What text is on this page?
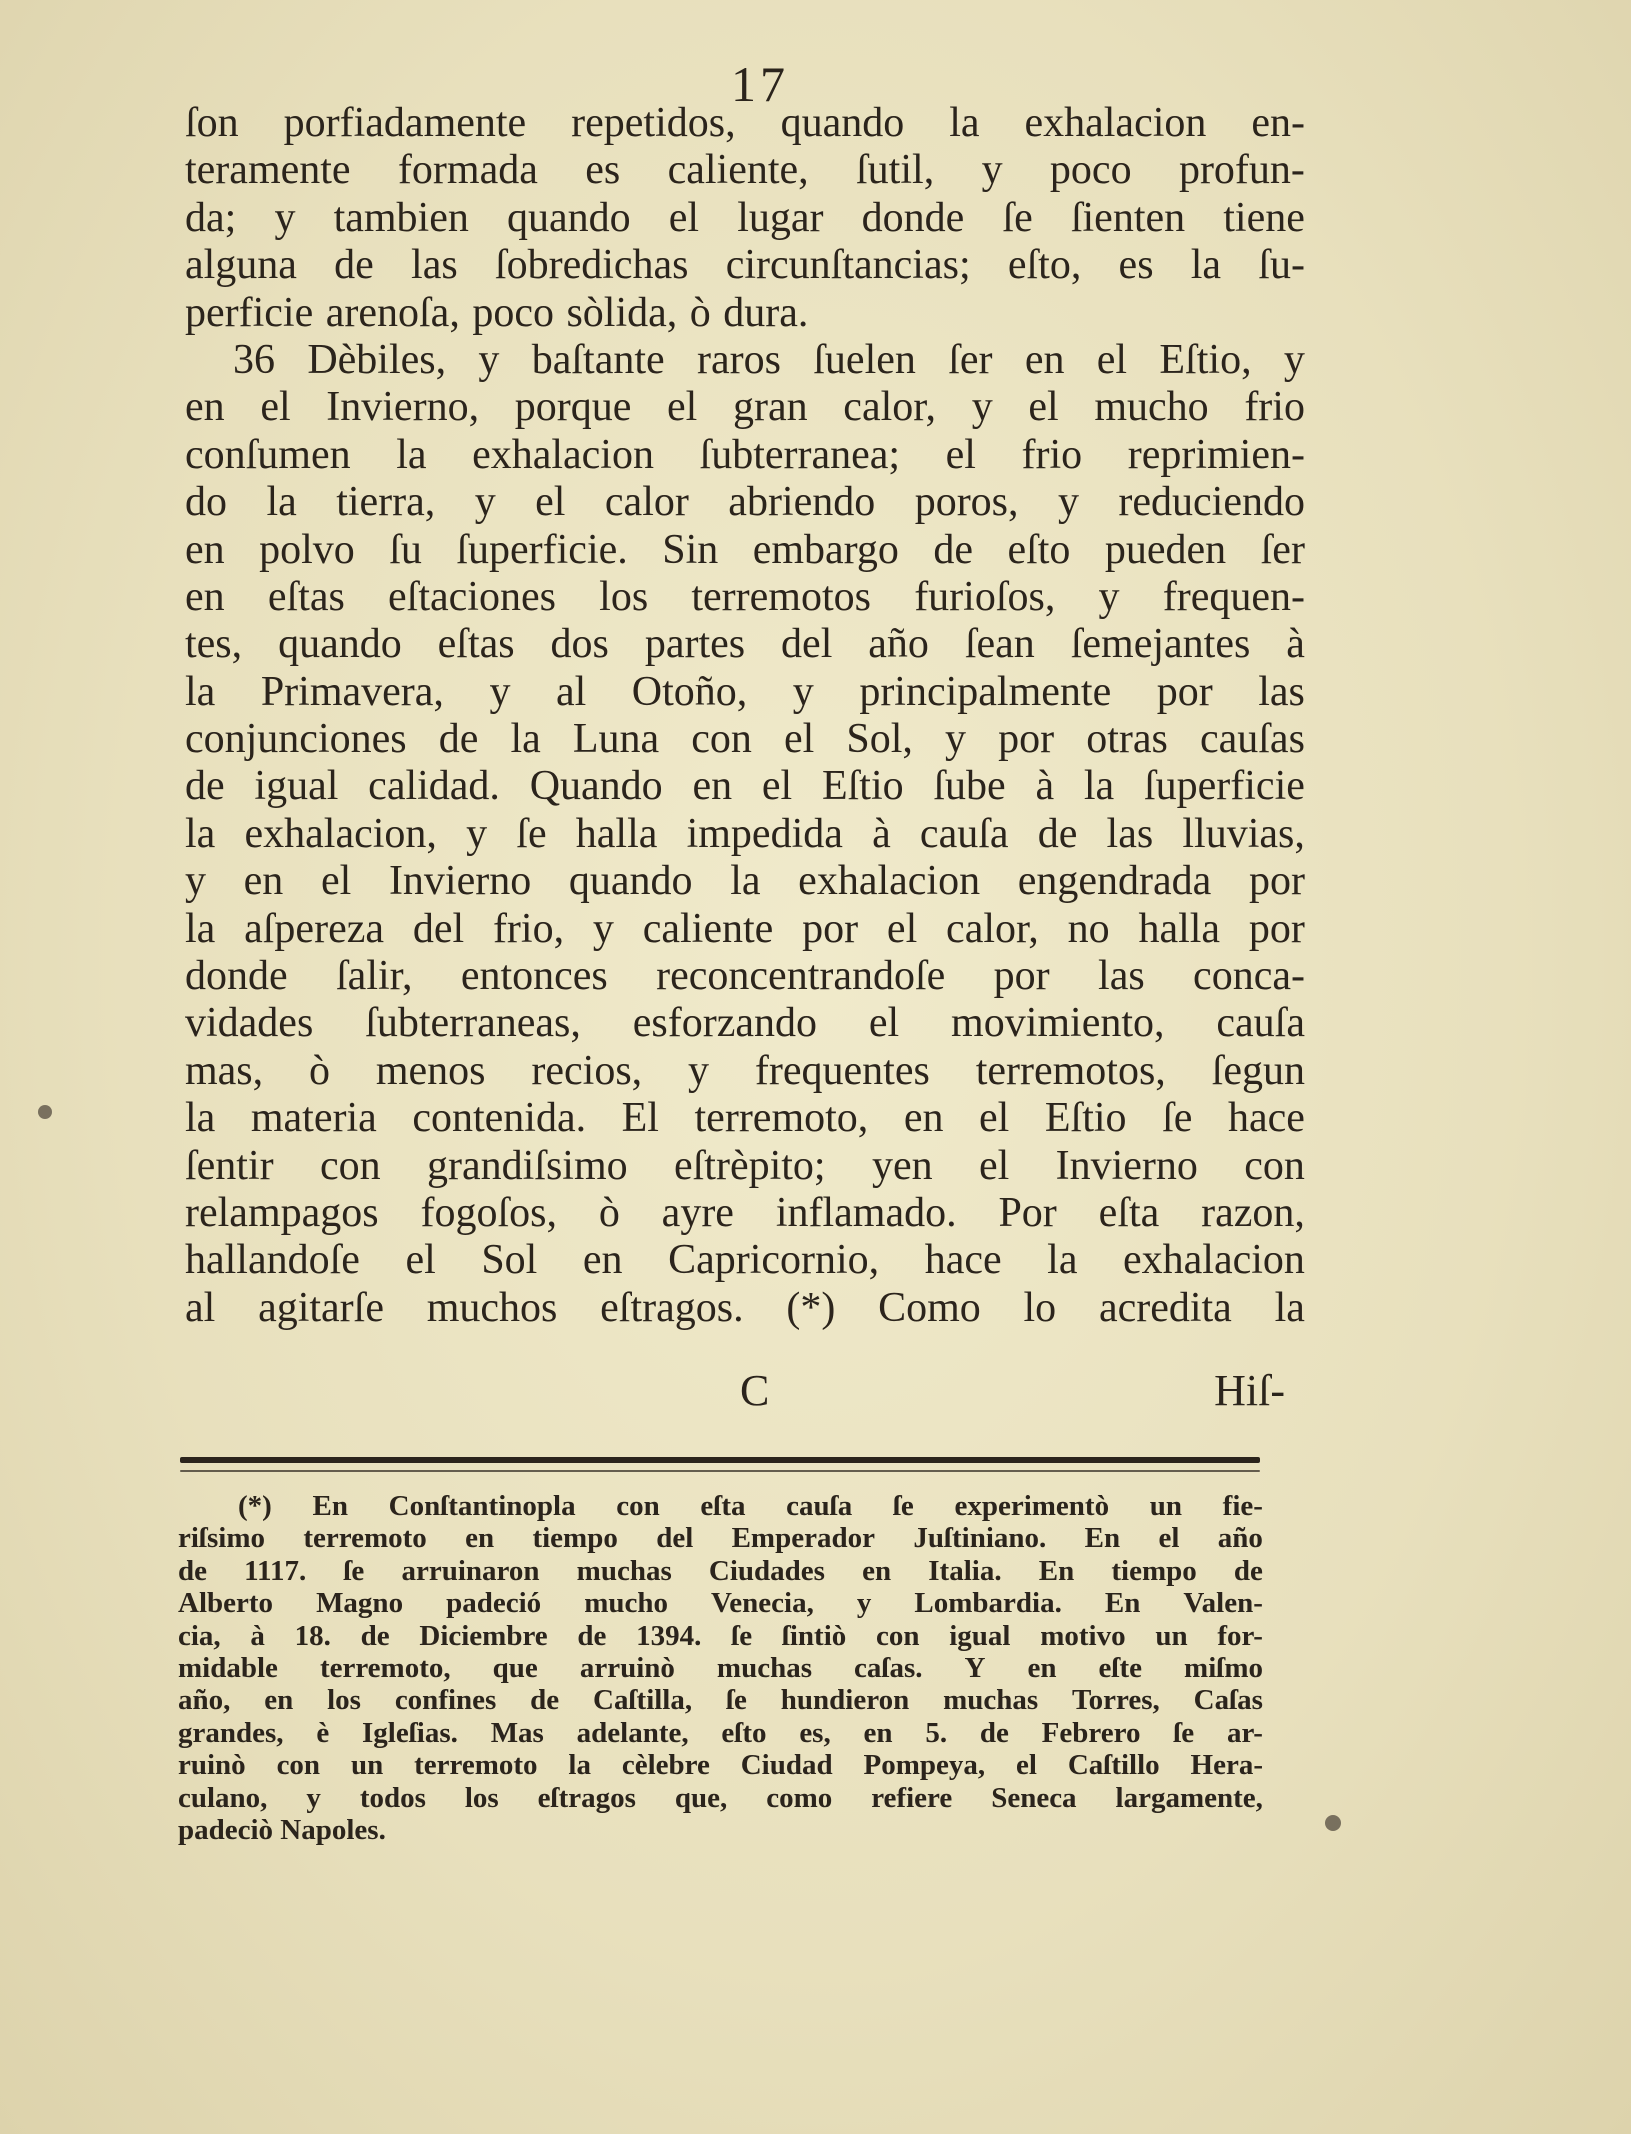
17
ſon porfiadamente repetidos, quando la exhalacion en-
teramente formada es caliente, ſutil, y poco profun-
da; y tambien quando el lugar donde ſe ſienten tiene
alguna de las ſobredichas circunſtancias; eſto, es la ſu-
perficie arenoſa, poco sòlida, ò dura.
36 Dèbiles, y baſtante raros ſuelen ſer en el Eſtio, y
en el Invierno, porque el gran calor, y el mucho frio
conſumen la exhalacion ſubterranea; el frio reprimien-
do la tierra, y el calor abriendo poros, y reduciendo
en polvo ſu ſuperficie. Sin embargo de eſto pueden ſer
en eſtas eſtaciones los terremotos furioſos, y frequen-
tes, quando eſtas dos partes del año ſean ſemejantes à
la Primavera, y al Otoño, y principalmente por las
conjunciones de la Luna con el Sol, y por otras cauſas
de igual calidad. Quando en el Eſtio ſube à la ſuperficie
la exhalacion, y ſe halla impedida à cauſa de las lluvias,
y en el Invierno quando la exhalacion engendrada por
la aſpereza del frio, y caliente por el calor, no halla por
donde ſalir, entonces reconcentrandoſe por las conca-
vidades ſubterraneas, esforzando el movimiento, cauſa
mas, ò menos recios, y frequentes terremotos, ſegun
la materia contenida. El terremoto, en el Eſtio ſe hace
ſentir con grandiſsimo eſtrèpito; yen el Invierno con
relampagos fogoſos, ò ayre inflamado. Por eſta razon,
hallandoſe el Sol en Capricornio, hace la exhalacion
al agitarſe muchos eſtragos. (*) Como lo acredita la
C	Hiſ-
(*) En Conſtantinopla con eſta cauſa ſe experimentò un fie-
riſsimo terremoto en tiempo del Emperador Juſtiniano. En el año
de 1117. ſe arruinaron muchas Ciudades en Italia. En tiempo de
Alberto Magno padeció mucho Venecia, y Lombardia. En Valen-
cia, à 18. de Diciembre de 1394. ſe ſintiò con igual motivo un for-
midable terremoto, que arruinò muchas caſas. Y en eſte miſmo
año, en los confines de Caſtilla, ſe hundieron muchas Torres, Caſas
grandes, è Igleſias. Mas adelante, eſto es, en 5. de Febrero ſe ar-
ruinò con un terremoto la cèlebre Ciudad Pompeya, el Caſtillo Hera-
culano, y todos los eſtragos que, como refiere Seneca largamente,
padeciò Napoles.
